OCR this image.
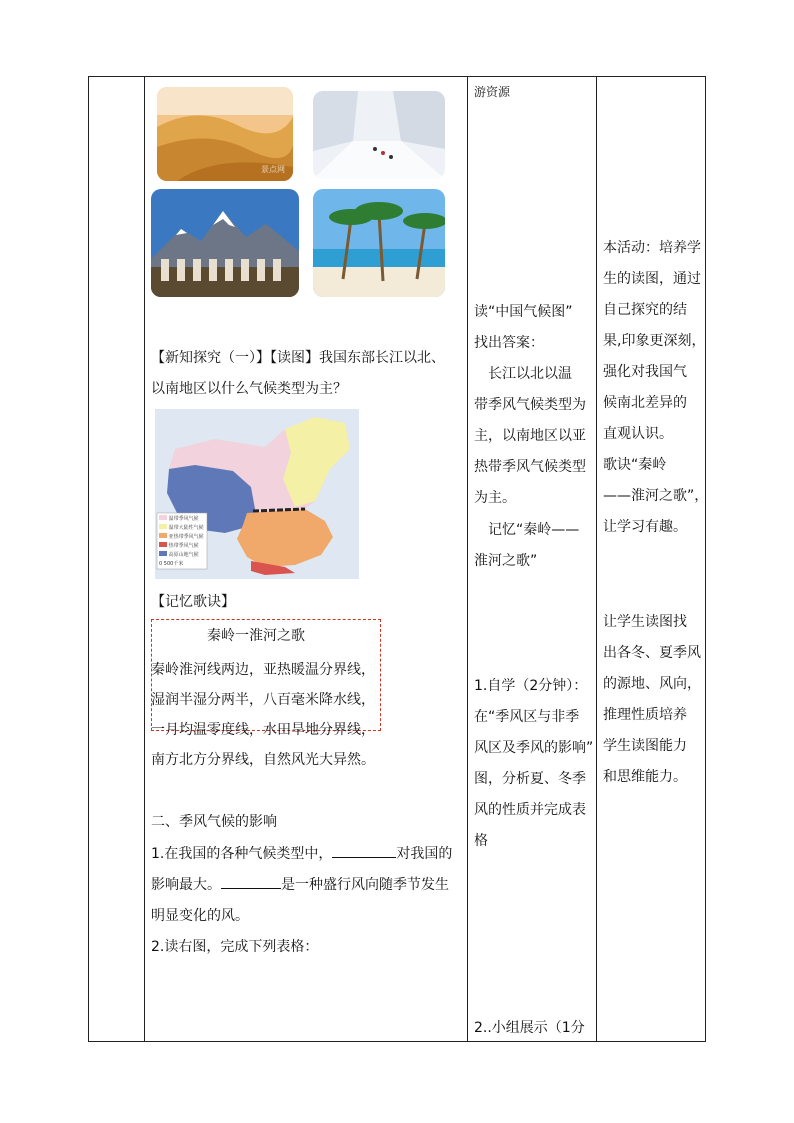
景点网
【新知探究（一）】【读图】我国东部长江以北、
以南地区以什么气候类型为主？
温带季风气候
温带大陆性气候
亚热带季风气候
热带季风气候
高原山地气候
0 500千米
【记忆歌诀】
秦岭一淮河之歌
秦岭淮河线两边，亚热暖温分界线，
湿润半湿分两半，八百毫米降水线，
一月均温零度线，水田旱地分界线，
南方北方分界线，自然风光大异然。
二、季风气候的影响
1.在我国的各种气候类型中，	对我国的
影响最大。	是一种盛行风向随季节发生
明显变化的风。
2.读右图，完成下列表格：
游资源
读“中国气候图”
找出答案：
　长江以北以温
带季风气候类型为
主，以南地区以亚
热带季风气候类型
为主。
　记忆“秦岭——
淮河之歌”
1.自学（2分钟）：
在“季风区与非季
风区及季风的影响”
图，分析夏、冬季
风的性质并完成表
格
2..小组展示（1分
本活动：培养学
生的读图，通过
自己探究的结
果,印象更深刻，
强化对我国气
候南北差异的
直观认识。
歌诀“秦岭
——淮河之歌”，
让学习有趣。
让学生读图找
出各冬、夏季风
的源地、风向，
推理性质培养
学生读图能力
和思维能力。
